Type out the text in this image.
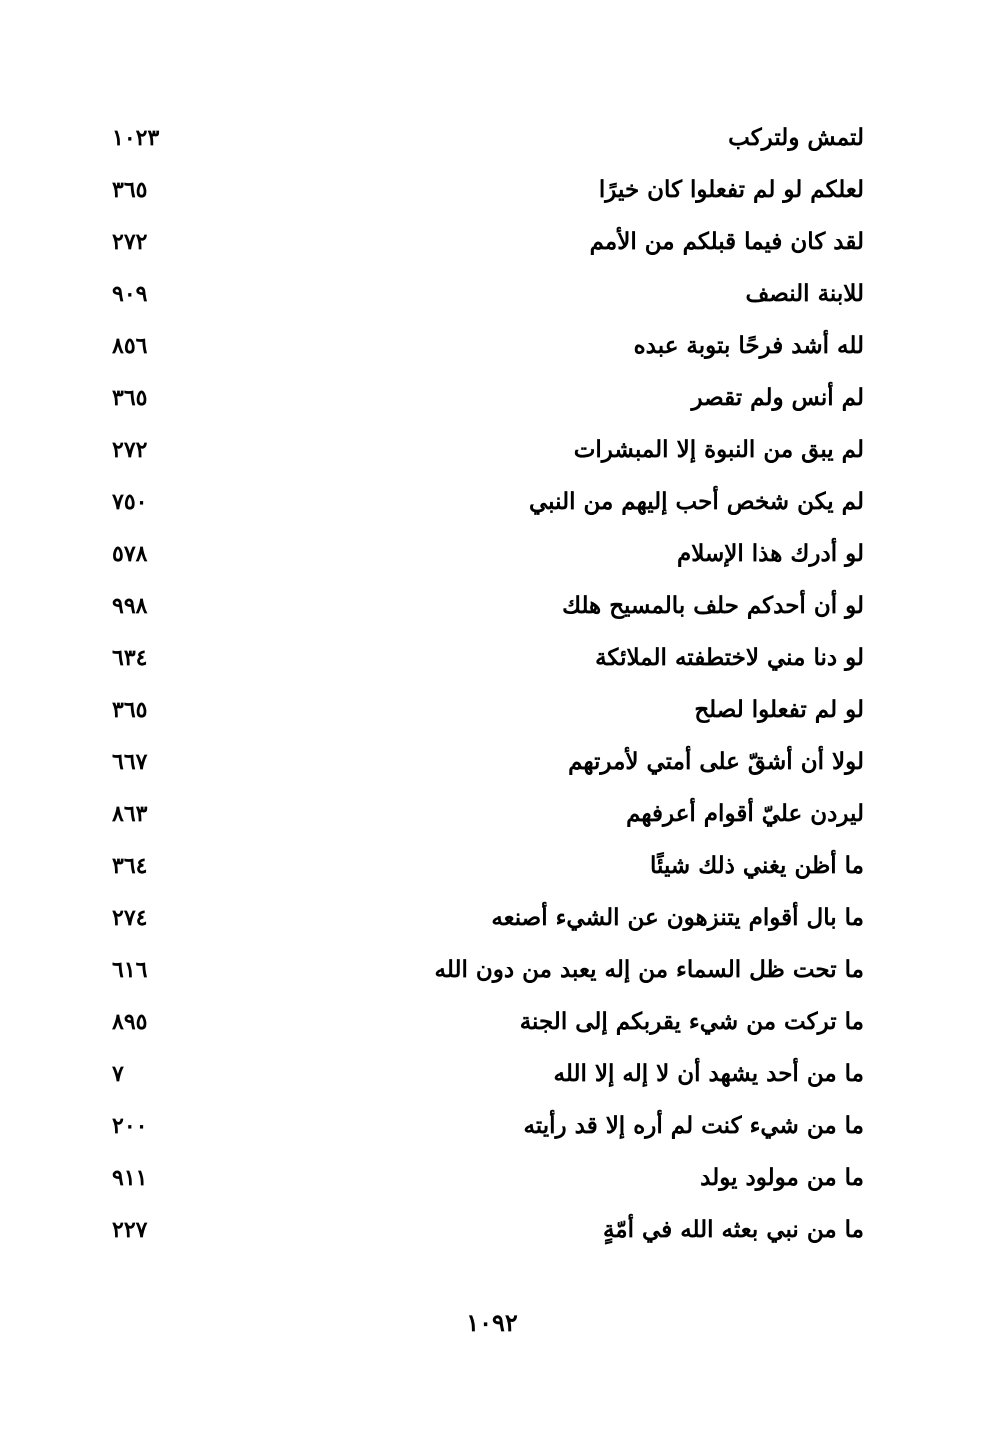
لتمش ولتركب
١٠٢٣
لعلكم لو لم تفعلوا كان خيرًا
٣٦٥
لقد كان فيما قبلكم من الأمم
٢٧٢
للابنة النصف
٩٠٩
لله أشد فرحًا بتوبة عبده
٨٥٦
لم أنس ولم تقصر
٣٦٥
لم يبق من النبوة إلا المبشرات
٢٧٢
لم يكن شخص أحب إليهم من النبي
٧٥٠
لو أدرك هذا الإسلام
٥٧٨
لو أن أحدكم حلف بالمسيح هلك
٩٩٨
لو دنا مني لاختطفته الملائكة
٦٣٤
لو لم تفعلوا لصلح
٣٦٥
لولا أن أشقّ على أمتي لأمرتهم
٦٦٧
ليردن عليّ أقوام أعرفهم
٨٦٣
ما أظن يغني ذلك شيئًا
٣٦٤
ما بال أقوام يتنزهون عن الشيء أصنعه
٢٧٤
ما تحت ظل السماء من إله يعبد من دون الله
٦١٦
ما تركت من شيء يقربكم إلى الجنة
٨٩٥
ما من أحد يشهد أن لا إله إلا الله
٧
ما من شيء كنت لم أره إلا قد رأيته
٢٠٠
ما من مولود يولد
٩١١
ما من نبي بعثه الله في أمّةٍ
٢٢٧
١٠٩٢
